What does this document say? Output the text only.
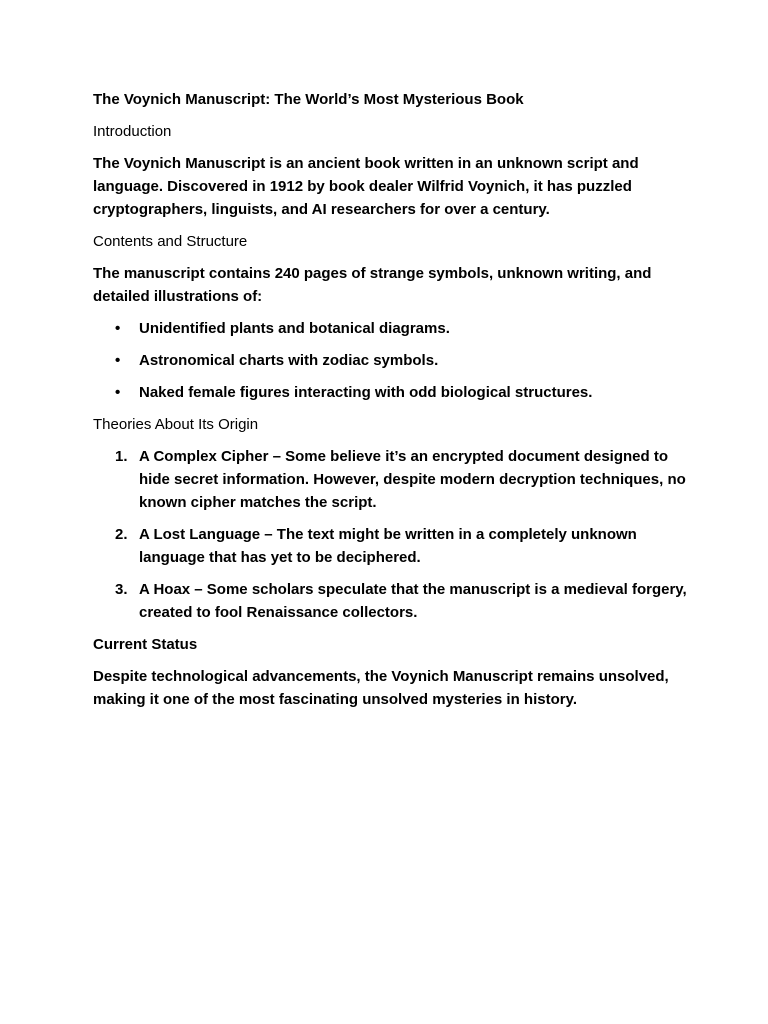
The Voynich Manuscript: The World’s Most Mysterious Book

Introduction

The Voynich Manuscript is an ancient book written in an unknown script and language. Discovered in 1912 by book dealer Wilfrid Voynich, it has puzzled cryptographers, linguists, and AI researchers for over a century.

Contents and Structure

The manuscript contains 240 pages of strange symbols, unknown writing, and detailed illustrations of:

• Unidentified plants and botanical diagrams.
• Astronomical charts with zodiac symbols.
• Naked female figures interacting with odd biological structures.

Theories About Its Origin

1. A Complex Cipher – Some believe it’s an encrypted document designed to hide secret information. However, despite modern decryption techniques, no known cipher matches the script.
2. A Lost Language – The text might be written in a completely unknown language that has yet to be deciphered.
3. A Hoax – Some scholars speculate that the manuscript is a medieval forgery, created to fool Renaissance collectors.

Current Status

Despite technological advancements, the Voynich Manuscript remains unsolved, making it one of the most fascinating unsolved mysteries in history.
